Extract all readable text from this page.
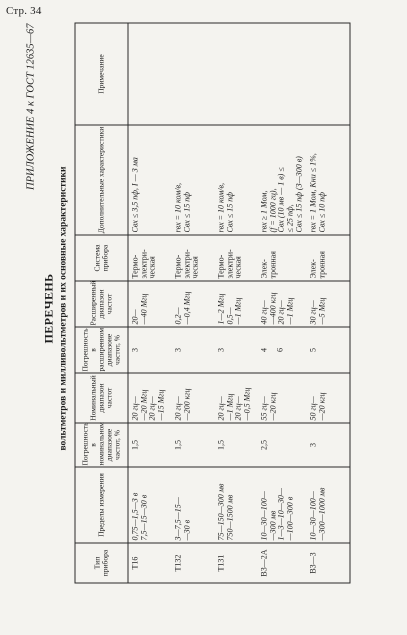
Стр. 34
ПРИЛОЖЕНИЕ 4 к ГОСТ 12635—67
ПЕРЕЧЕНЬ вольтметров и милливольтметров и их основные характеристики
Тип прибора	Пределы измерения	Погрешность в номинальном диапазоне частот, %	Номинальный диапазон частот	Погрешность в расширенном диапазоне частот, %	Расширенный диапазон частот	Система прибора	Дополнительные характеристики	Примечание
Т16	0,75—1,5—3 в 7,5—15—30 в	1,5	20 гц— —20 Мгц 20 гц— —15 Мгц	3	20— —40 Мгц	Термо- электри- ческая	Cвх ≤ 3,5 пф, I — 3 ма	

Т132	3—7,5—15— —30 в	1,5	20 гц— —200 кгц	3	0,2— —0,4 Мгц	Термо- электри- ческая	rвх = 10 ком/в, Cвх ≤ 15 пф	

Т131	75—150—300 мв 750—1500 мв	1,5	20 гц— —1 Мгц 20 гц— —0,5 Мгц	3	1—2 Мгц 0,5— —1 Мгц	Термо- электри- ческая	rвх = 10 ком/в, Cвх ≤ 15 пф	

В3—2А	10—30—100— —300 мв 1—3—10—30— —100—300 в	2,5	55 гц— —20 кгц	4 6	40 гц— —400 кгц 20 гц— —1 Мгц	Элек- тронная	rвх ≥ 1 Мом, (f = 1000 гц), Cвх (10 мв — 1 в) ≤ ≤ 25 пф, Cвх ≤ 15 пф (3—300 в)	

В3—3	10—30—100— —300—1000 мв	3	50 гц— —20 кгц	5	30 гц— —5 Мгц	Элек- тронная	rвх = 1 Мом, Kни ≤ 1%, Cвх ≤ 10 пф	
